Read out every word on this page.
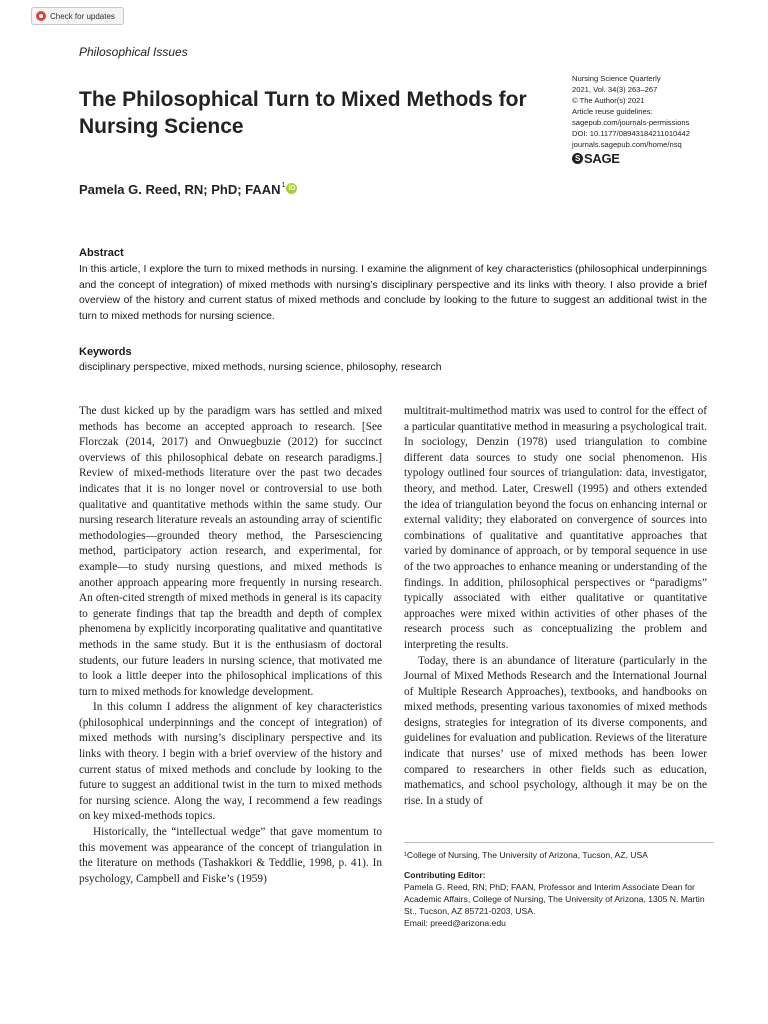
Check for updates
Philosophical Issues
The Philosophical Turn to Mixed Methods for Nursing Science
Nursing Science Quarterly
2021, Vol. 34(3) 263–267
© The Author(s) 2021
Article reuse guidelines:
sagepub.com/journals-permissions
DOI: 10.1177/08943184211010442
journals.sagepub.com/home/nsq
S SAGE
Pamela G. Reed, RN; PhD; FAAN$^1$ iD
Abstract

In this article, I explore the turn to mixed methods in nursing. I examine the alignment of key characteristics (philosophical underpinnings and the concept of integration) of mixed methods with nursing’s disciplinary perspective and its links with theory. I also provide a brief overview of the history and current status of mixed methods and conclude by looking to the future to suggest an additional twist in the turn to mixed methods for nursing science.

Keywords

disciplinary perspective, mixed methods, nursing science, philosophy, research

The dust kicked up by the paradigm wars has settled and mixed methods has become an accepted approach to research. [See Florczak (2014, 2017) and Onwuegbuzie (2012) for succinct overviews of this philosophical debate on research paradigms.] Review of mixed-methods literature over the past two decades indicates that it is no longer novel or controversial to use both qualitative and quantitative methods within the same study. Our nursing research literature reveals an astounding array of scientific methodologies—grounded theory method, the Parsesciencing method, participatory action research, and experimental, for example—to study nursing questions, and mixed methods is another approach appearing more frequently in nursing research. An often-cited strength of mixed methods in general is its capacity to generate findings that tap the breadth and depth of complex phenomena by explicitly incorporating qualitative and quantitative methods in the same study. But it is the enthusiasm of doctoral students, our future leaders in nursing science, that motivated me to look a little deeper into the philosophical implications of this turn to mixed methods for knowledge development.

In this column I address the alignment of key characteristics (philosophical underpinnings and the concept of integration) of mixed methods with nursing’s disciplinary perspective and its links with theory. I begin with a brief overview of the history and current status of mixed methods and conclude by looking to the future to suggest an additional twist in the turn to mixed methods for nursing science. Along the way, I recommend a few readings on key mixed-methods topics.

Historically, the “intellectual wedge” that gave momentum to this movement was appearance of the concept of triangulation in the literature on methods (Tashakkori & Teddlie, 1998, p. 41). In psychology, Campbell and Fiske’s (1959)

multitrait-multimethod matrix was used to control for the effect of a particular quantitative method in measuring a psychological trait. In sociology, Denzin (1978) used triangulation to combine different data sources to study one social phenomenon. His typology outlined four sources of triangulation: data, investigator, theory, and method. Later, Creswell (1995) and others extended the idea of triangulation beyond the focus on enhancing internal or external validity; they elaborated on convergence of sources into combinations of qualitative and quantitative approaches that varied by dominance of approach, or by temporal sequence in use of the two approaches to enhance meaning or understanding of the findings. In addition, philosophical perspectives or “paradigms” typically associated with either qualitative or quantitative approaches were mixed within activities of other phases of the research process such as conceptualizing the problem and interpreting the results.

Today, there is an abundance of literature (particularly in the Journal of Mixed Methods Research and the International Journal of Multiple Research Approaches), textbooks, and handbooks on mixed methods, presenting various taxonomies of mixed methods designs, strategies for integration of its diverse components, and guidelines for evaluation and publication. Reviews of the literature indicate that nurses’ use of mixed methods has been lower compared to researchers in other fields such as education, mathematics, and school psychology, although it may be on the rise. In a study of

¹College of Nursing, The University of Arizona, Tucson, AZ, USA
Contributing Editor:
Pamela G. Reed, RN; PhD; FAAN, Professor and Interim Associate Dean for Academic Affairs, College of Nursing, The University of Arizona, 1305 N. Martin St., Tucson, AZ 85721-0203, USA.
Email: preed@arizona.edu
